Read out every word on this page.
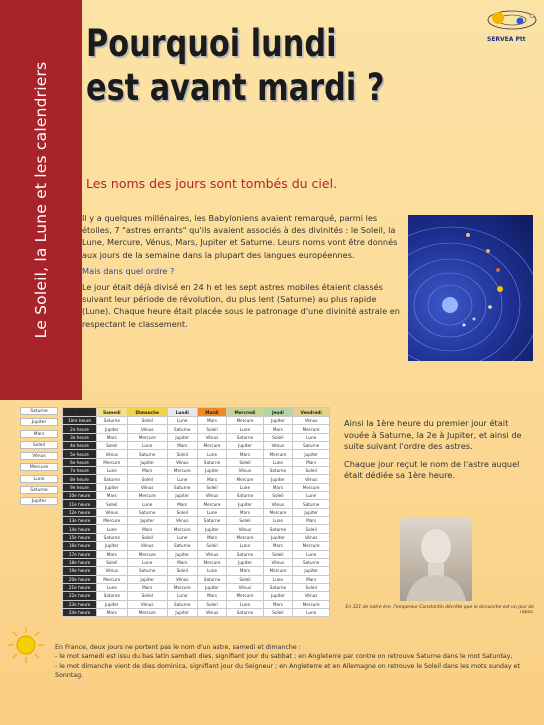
Le Soleil, la Lune et les calendriers
Pourquoi lundi
est avant mardi ?
SERVEA Ptt
Les noms des jours sont tombés du ciel.

Il y a quelques millénaires, les Babyloniens avaient remarqué, parmi les étoiles, 7 "astres errants" qu'ils avaient associés à des divinités : le Soleil, la Lune, Mercure, Vénus, Mars, Jupiter et Saturne. Leurs noms vont être donnés aux jours de la semaine dans la plupart des langues européennes.

Mais dans quel ordre ?

Le jour était déjà divisé en 24 h et les sept astres mobiles étaient classés suivant leur période de révolution, du plus lent (Saturne) au plus rapide (Lune). Chaque heure était placée sous le patronage d'une divinité astrale en respectant le classement.

Saturne
Jupiter
Mars
Soleil
Vénus
Mercure
Lune
Saturne
Jupiter
Nom du jour	Samedi	Dimanche	Lundi	Mardi	Mercredi	Jeudi	Vendredi
1ère heure	Saturne	Soleil	Lune	Mars	Mercure	Jupiter	Vénus
2e heure	Jupiter	Vénus	Saturne	Soleil	Lune	Mars	Mercure
3e heure	Mars	Mercure	Jupiter	Vénus	Saturne	Soleil	Lune
4e heure	Soleil	Lune	Mars	Mercure	Jupiter	Vénus	Saturne
5e heure	Vénus	Saturne	Soleil	Lune	Mars	Mercure	Jupiter
6e heure	Mercure	Jupiter	Vénus	Saturne	Soleil	Lune	Mars
7e heure	Lune	Mars	Mercure	Jupiter	Vénus	Saturne	Soleil
8e heure	Saturne	Soleil	Lune	Mars	Mercure	Jupiter	Vénus
9e heure	Jupiter	Vénus	Saturne	Soleil	Lune	Mars	Mercure
10e heure	Mars	Mercure	Jupiter	Vénus	Saturne	Soleil	Lune
11e heure	Soleil	Lune	Mars	Mercure	Jupiter	Vénus	Saturne
12e heure	Vénus	Saturne	Soleil	Lune	Mars	Mercure	Jupiter
13e heure	Mercure	Jupiter	Vénus	Saturne	Soleil	Lune	Mars
14e heure	Lune	Mars	Mercure	Jupiter	Vénus	Saturne	Soleil
15e heure	Saturne	Soleil	Lune	Mars	Mercure	Jupiter	Vénus
16e heure	Jupiter	Vénus	Saturne	Soleil	Lune	Mars	Mercure
17e heure	Mars	Mercure	Jupiter	Vénus	Saturne	Soleil	Lune
18e heure	Soleil	Lune	Mars	Mercure	Jupiter	Vénus	Saturne
19e heure	Vénus	Saturne	Soleil	Lune	Mars	Mercure	Jupiter
20e heure	Mercure	Jupiter	Vénus	Saturne	Soleil	Lune	Mars
21e heure	Lune	Mars	Mercure	Jupiter	Vénus	Saturne	Soleil
22e heure	Saturne	Soleil	Lune	Mars	Mercure	Jupiter	Vénus
23e heure	Jupiter	Vénus	Saturne	Soleil	Lune	Mars	Mercure
24e heure	Mars	Mercure	Jupiter	Vénus	Saturne	Soleil	Lune

Ainsi la 1ère heure du premier jour était vouée à Saturne, la 2e à Jupiter, et ainsi de suite suivant l'ordre des astres.

Chaque jour reçut le nom de l'astre auquel était dédiée sa 1ère heure.

En 321 de notre ère, l'empereur Constantin décrète que le dimanche est un jour de repos.
En France, deux jours ne portent pas le nom d'un astre, samedi et dimanche :
- le mot samedi est issu du bas latin sambati dies, signifiant jour du sabbat ; en Angleterre par contre on retrouve Saturne dans le mot Saturday,
- le mot dimanche vient de dies dominica, signifiant jour du Seigneur ; en Angleterre et en Allemagne on retrouve le Soleil dans les mots sunday et Sonntag.
